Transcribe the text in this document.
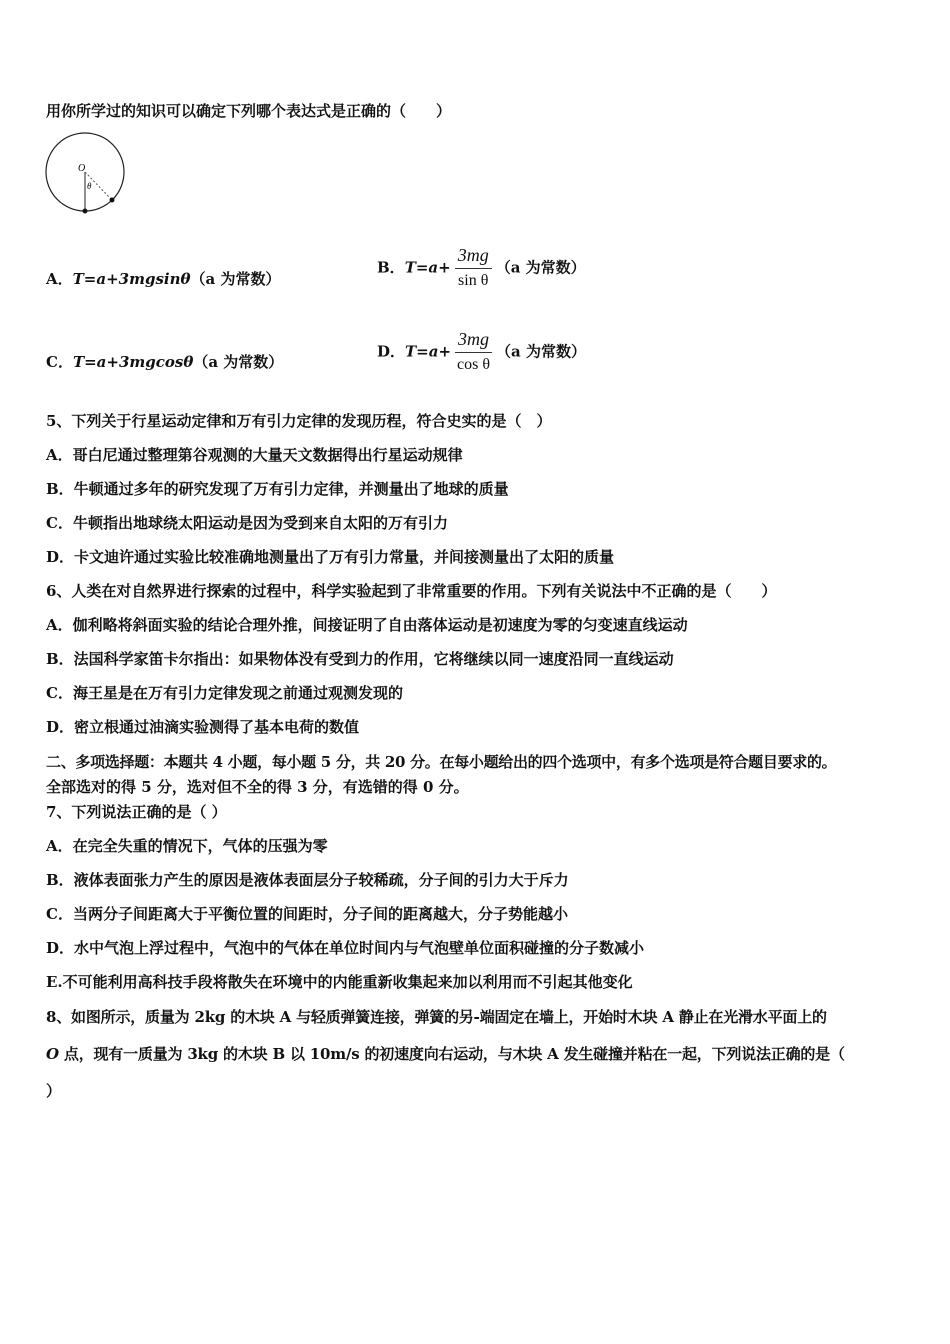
用你所学过的知识可以确定下列哪个表达式是正确的（　　）
O
θ
A．T=a+3mgsinθ（a 为常数）
B．$T=a+ \frac{3mg}{\text{sin θ}} (a$ 为常数）
C．T=a+3mgcosθ（a 为常数）
D．$T=a+ \frac{3mg}{\text{cos θ}} (a$ 为常数）
5、下列关于行星运动定律和万有引力定律的发现历程，符合史实的是（　）
A．哥白尼通过整理第谷观测的大量天文数据得出行星运动规律
B．牛顿通过多年的研究发现了万有引力定律，并测量出了地球的质量
C．牛顿指出地球绕太阳运动是因为受到来自太阳的万有引力
D．卡文迪许通过实验比较准确地测量出了万有引力常量，并间接测量出了太阳的质量
6、人类在对自然界进行探索的过程中，科学实验起到了非常重要的作用。下列有关说法中不正确的是（　　）
A．伽利略将斜面实验的结论合理外推，间接证明了自由落体运动是初速度为零的匀变速直线运动
B．法国科学家笛卡尔指出：如果物体没有受到力的作用，它将继续以同一速度沿同一直线运动
C．海王星是在万有引力定律发现之前通过观测发现的
D．密立根通过油滴实验测得了基本电荷的数值
二、多项选择题：本题共 4 小题，每小题 5 分，共 20 分。在每小题给出的四个选项中，有多个选项是符合题目要求的。
全部选对的得 5 分，选对但不全的得 3 分，有选错的得 0 分。
7、下列说法正确的是（ ）
A．在完全失重的情况下，气体的压强为零
B．液体表面张力产生的原因是液体表面层分子较稀疏，分子间的引力大于斥力
C．当两分子间距离大于平衡位置的间距时，分子间的距离越大，分子势能越小
D．水中气泡上浮过程中，气泡中的气体在单位时间内与气泡壁单位面积碰撞的分子数减小
E.不可能利用高科技手段将散失在环境中的内能重新收集起来加以利用而不引起其他变化
8、如图所示，质量为 2kg 的木块 A 与轻质弹簧连接，弹簧的另-端固定在墙上，开始时木块 A 静止在光滑水平面上的
O 点，现有一质量为 3kg 的木块 B 以 10m/s 的初速度向右运动，与木块 A 发生碰撞并粘在一起，下列说法正确的是（
）
